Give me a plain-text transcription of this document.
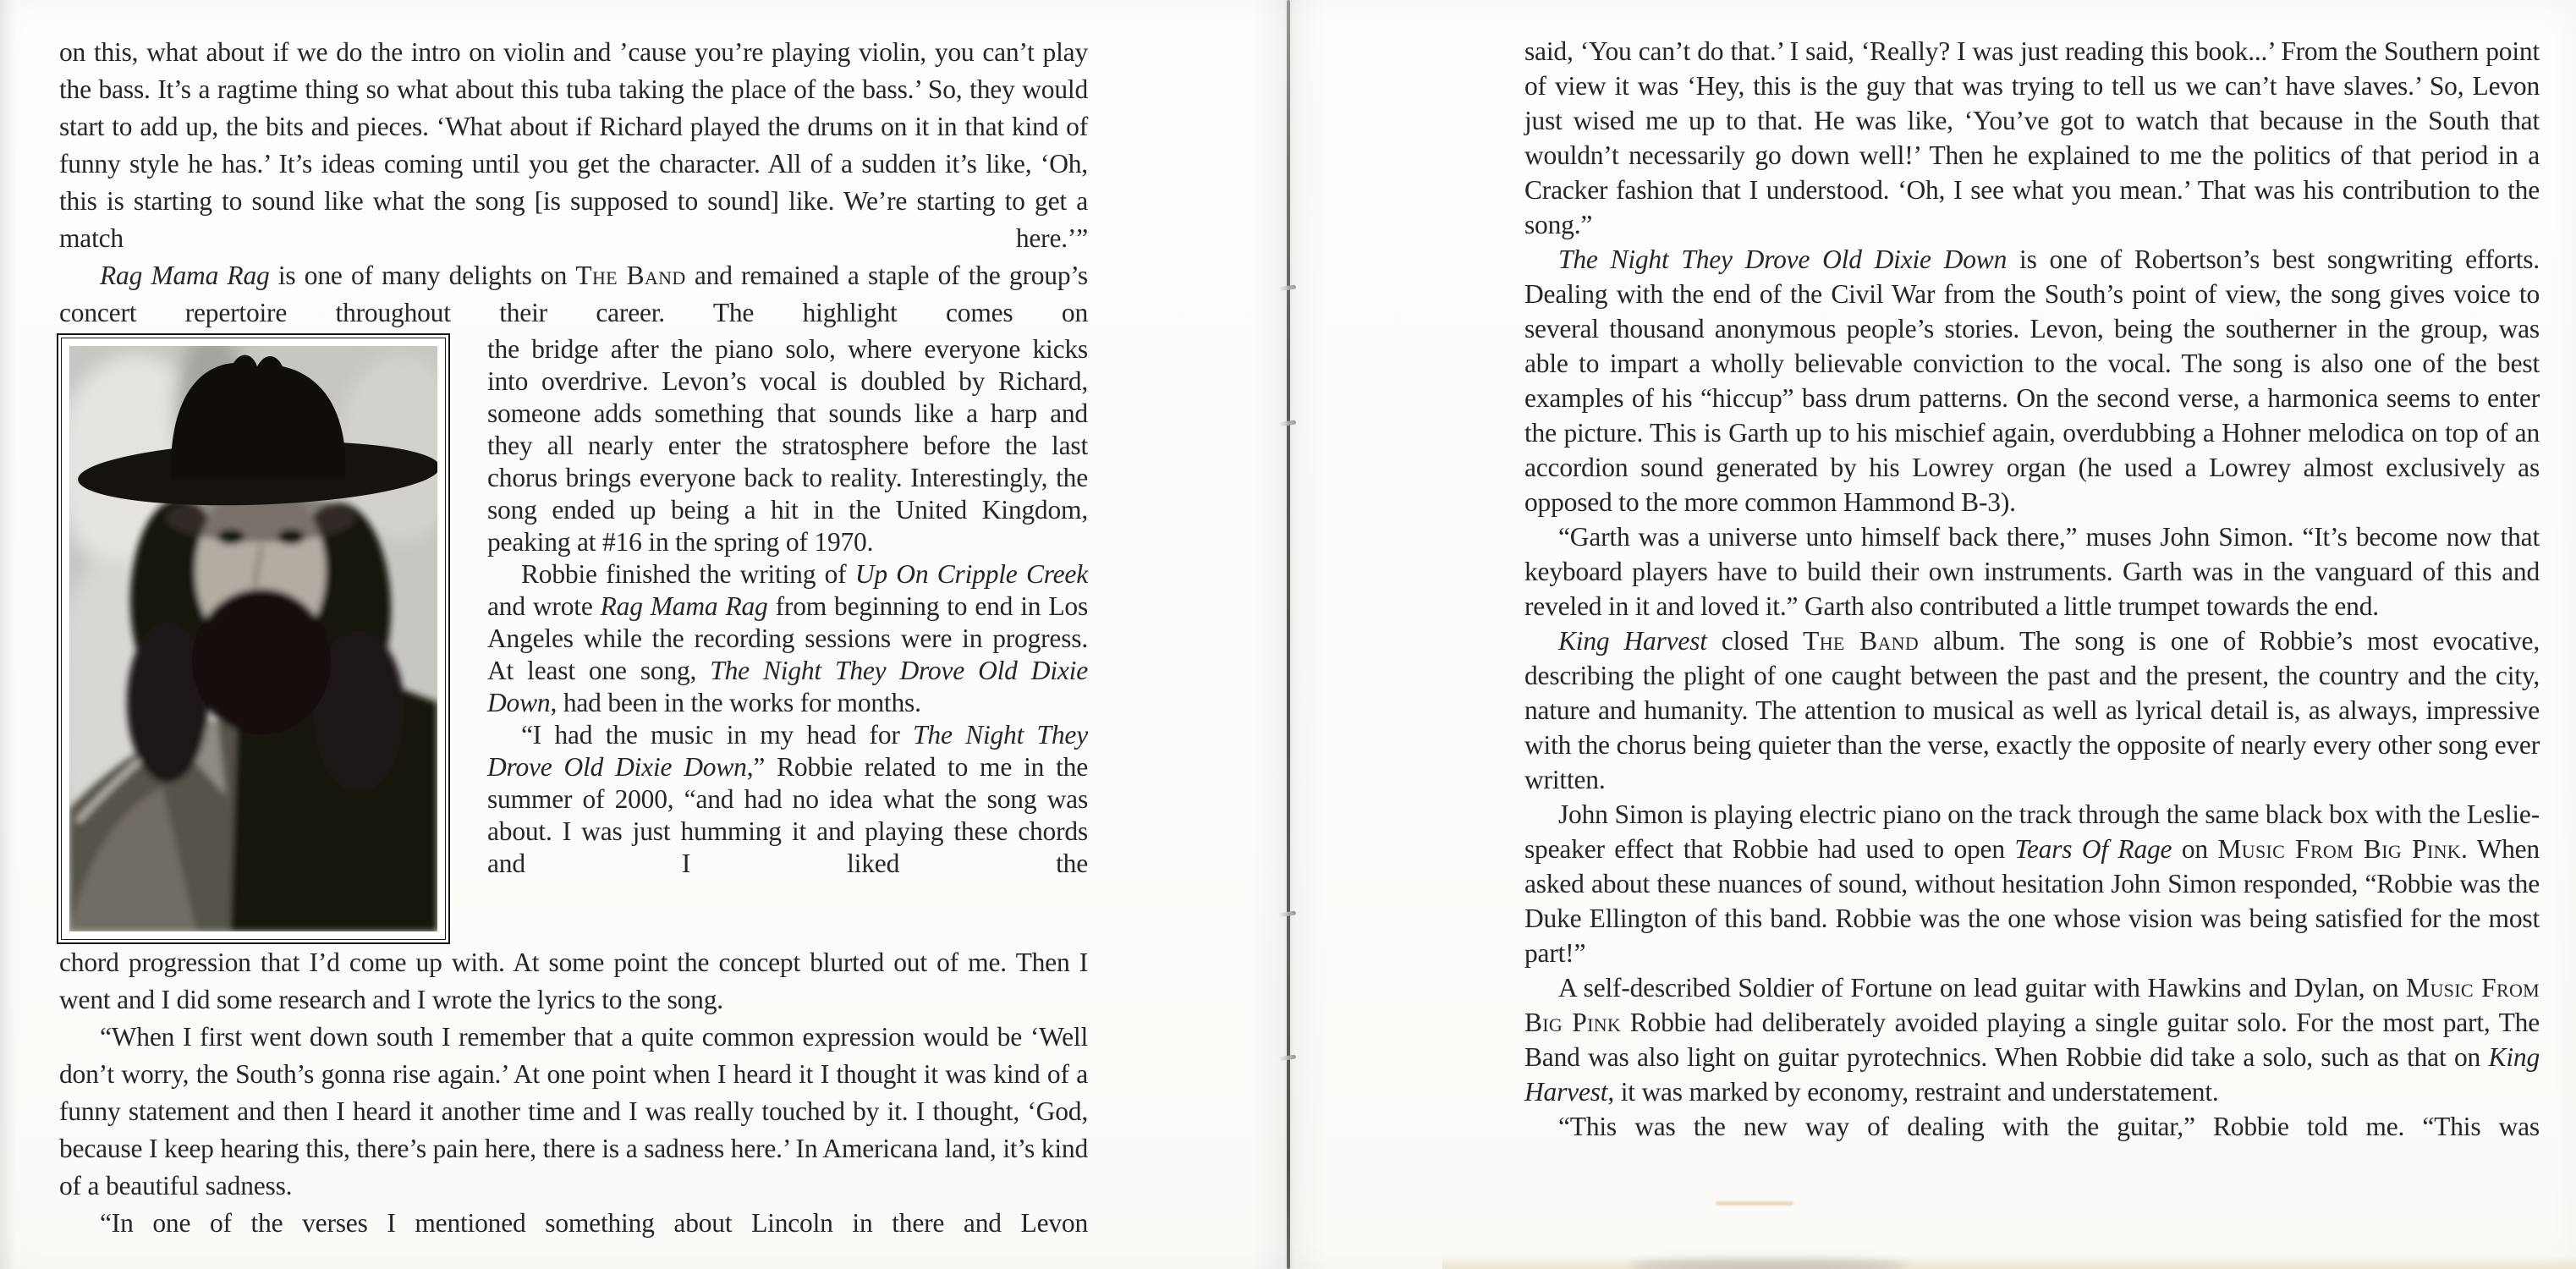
on this, what about if we do the intro on violin and ’cause you’re playing violin, you can’t play the bass. It’s a ragtime thing so what about this tuba taking the place of the bass.’ So, they would start to add up, the bits and pieces. ‘What about if Richard played the drums on it in that kind of funny style he has.’ It’s ideas coming until you get the character. All of a sudden it’s like, ‘Oh, this is starting to sound like what the song [is supposed to sound] like. We’re starting to get a match here.’”
Rag Mama Rag is one of many delights on The Band and remained a staple of the group’s concert repertoire throughout their career. The highlight comes on
the bridge after the piano solo, where everyone kicks into overdrive. Levon’s vocal is doubled by Richard, someone adds something that sounds like a harp and they all nearly enter the stratosphere before the last chorus brings everyone back to reality. Interestingly, the song ended up being a hit in the United Kingdom, peaking at #16 in the spring of 1970.
Robbie finished the writing of Up On Cripple Creek and wrote Rag Mama Rag from beginning to end in Los Angeles while the recording sessions were in progress. At least one song, The Night They Drove Old Dixie Down, had been in the works for months.
“I had the music in my head for The Night They Drove Old Dixie Down,” Robbie related to me in the summer of 2000, “and had no idea what the song was about. I was just humming it and playing these chords and I liked the
chord progression that I’d come up with. At some point the concept blurted out of me. Then I went and I did some research and I wrote the lyrics to the song.
“When I first went down south I remember that a quite common expression would be ‘Well don’t worry, the South’s gonna rise again.’ At one point when I heard it I thought it was kind of a funny statement and then I heard it another time and I was really touched by it. I thought, ‘God, because I keep hearing this, there’s pain here, there is a sadness here.’ In Americana land, it’s kind of a beautiful sadness.
“In one of the verses I mentioned something about Lincoln in there and Levon
said, ‘You can’t do that.’ I said, ‘Really? I was just reading this book...’ From the Southern point of view it was ‘Hey, this is the guy that was trying to tell us we can’t have slaves.’ So, Levon just wised me up to that. He was like, ‘You’ve got to watch that because in the South that wouldn’t necessarily go down well!’ Then he explained to me the politics of that period in a Cracker fashion that I understood. ‘Oh, I see what you mean.’ That was his contribution to the song.”
The Night They Drove Old Dixie Down is one of Robertson’s best songwriting efforts. Dealing with the end of the Civil War from the South’s point of view, the song gives voice to several thousand anonymous people’s stories. Levon, being the southerner in the group, was able to impart a wholly believable conviction to the vocal. The song is also one of the best examples of his “hiccup” bass drum patterns. On the second verse, a harmonica seems to enter the picture. This is Garth up to his mischief again, overdubbing a Hohner melodica on top of an accordion sound generated by his Lowrey organ (he used a Lowrey almost exclusively as opposed to the more common Hammond B-3).
“Garth was a universe unto himself back there,” muses John Simon. “It’s become now that keyboard players have to build their own instruments. Garth was in the vanguard of this and reveled in it and loved it.” Garth also contributed a little trumpet towards the end.
King Harvest closed The Band album. The song is one of Robbie’s most evocative, describing the plight of one caught between the past and the present, the country and the city, nature and humanity. The attention to musical as well as lyrical detail is, as always, impressive with the chorus being quieter than the verse, exactly the opposite of nearly every other song ever written.
John Simon is playing electric piano on the track through the same black box with the Leslie-speaker effect that Robbie had used to open Tears Of Rage on Music From Big Pink. When asked about these nuances of sound, without hesitation John Simon responded, “Robbie was the Duke Ellington of this band. Robbie was the one whose vision was being satisfied for the most part!”
A self-described Soldier of Fortune on lead guitar with Hawkins and Dylan, on Music From Big Pink Robbie had deliberately avoided playing a single guitar solo. For the most part, The Band was also light on guitar pyrotechnics. When Robbie did take a solo, such as that on King Harvest, it was marked by economy, restraint and understatement.
“This was the new way of dealing with the guitar,” Robbie told me. “This was
